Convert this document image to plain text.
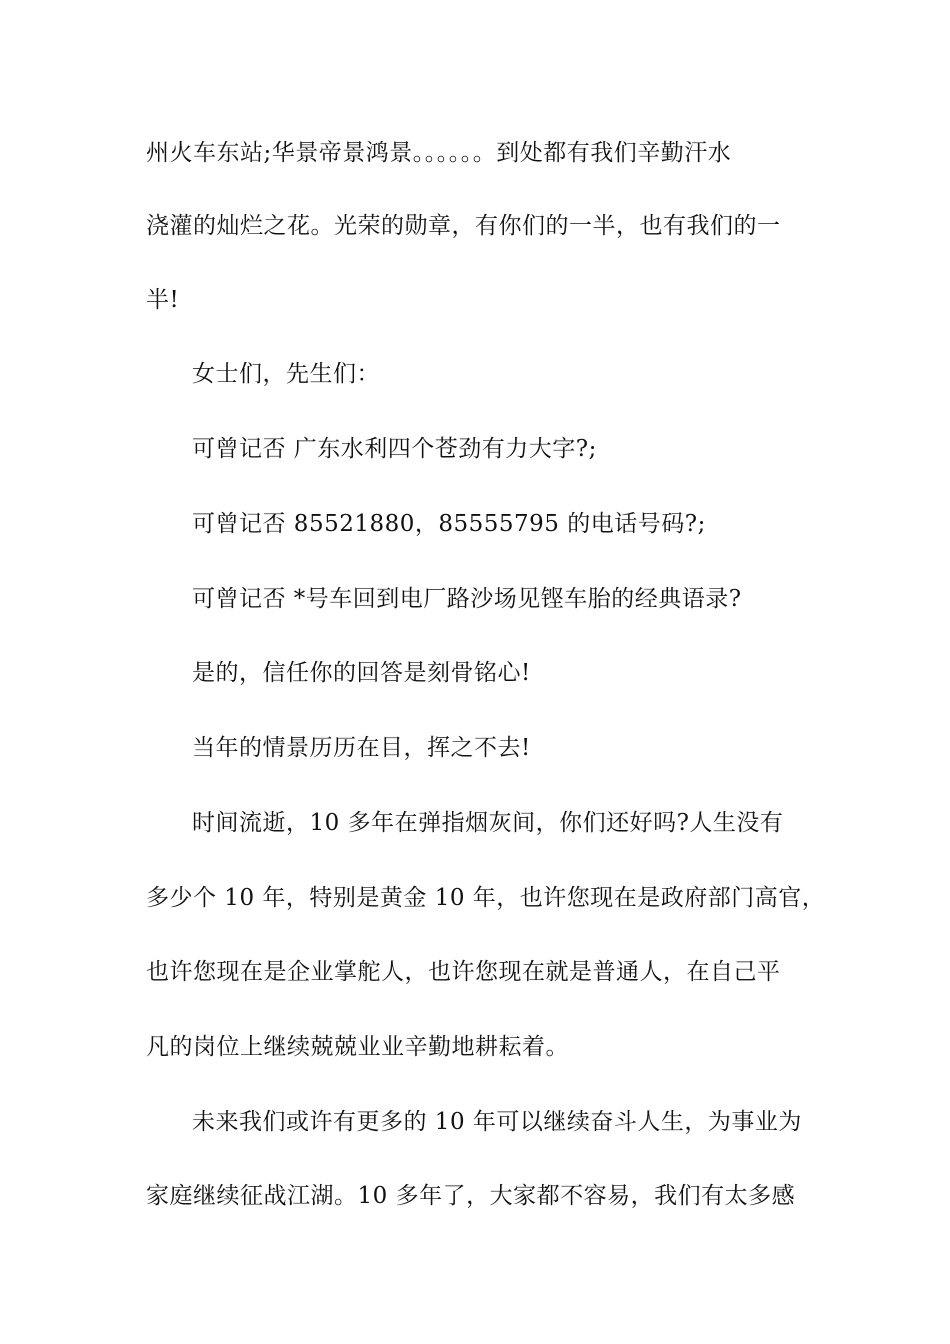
州火车东站;华景帝景鸿景。。。。。。到处都有我们辛勤汗水
浇灌的灿烂之花。光荣的勋章，有你们的一半，也有我们的一
半!
女士们，先生们：
可曾记否 广东水利四个苍劲有力大字?;
可曾记否 85521880，85555795 的电话号码?;
可曾记否 *号车回到电厂路沙场见铿车胎的经典语录?
是的，信任你的回答是刻骨铭心!
当年的情景历历在目，挥之不去!
时间流逝，10 多年在弹指烟灰间，你们还好吗?人生没有
多少个 10 年，特别是黄金 10 年，也许您现在是政府部门高官，
也许您现在是企业掌舵人，也许您现在就是普通人，在自己平
凡的岗位上继续兢兢业业辛勤地耕耘着。
未来我们或许有更多的 10 年可以继续奋斗人生，为事业为
家庭继续征战江湖。10 多年了，大家都不容易，我们有太多感
